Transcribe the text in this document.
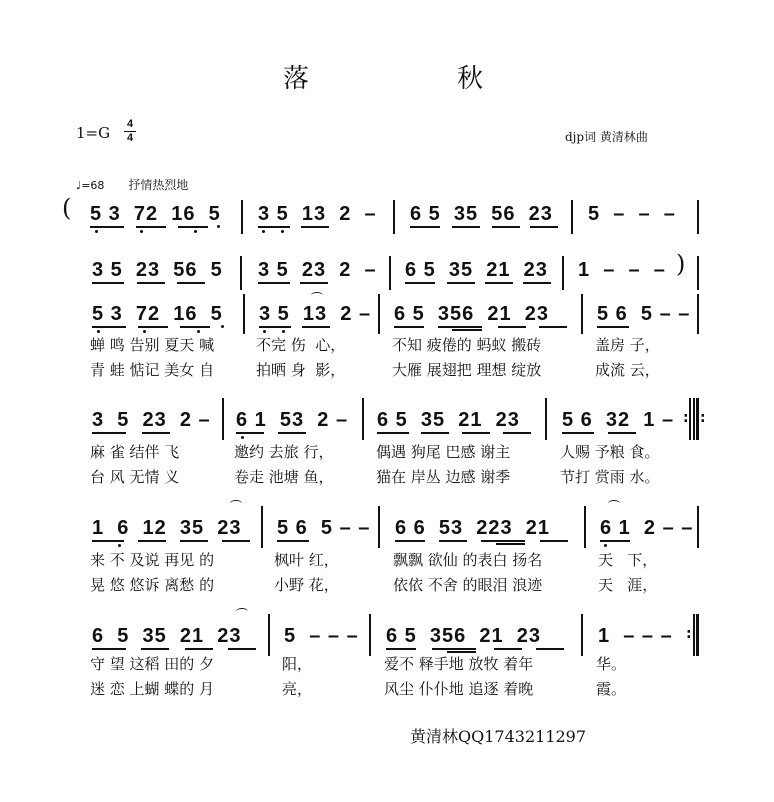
落	秋
1=G 4
4	djp词 黄清林曲
♩=68 抒情热烈地
( 5 3  72  16  5 3 5  13  2  – 6 5  35  56  23 5  –  –  –
3 5  23  56  5 3 5  23  2  – 6 5  35  21  23 1  –  –  – )
5 3  72  16  5 3 5  13  2 – 6 5  356  21  23 5 6  5 – –
蝉 鸣 告别 夏天 喊	不完 伤  心，	不知 疲倦的 蚂蚁 搬砖	盖房 子，
青 蛙 惦记 美女 自	拍晒 身  影，	大雁 展翅把 理想 绽放	成流 云，
3  5  23  2 – 6 1  53  2 – 6 5  35  21  23 5 6  32  1 – : :
麻 雀 结伴 飞	邀约 去旅 行，	偶遇 狗尾 巴感 谢主	人赐 予粮 食。
台 风 无情 义	卷走 池塘 鱼，	猫在 岸丛 边感 谢季	节打 赏雨 水。
1  6  12  35  23 5 6  5 – – 6 6  53  223  21 6 1  2 – –
来 不 及说 再见 的	枫叶 红，	飘飘 欲仙 的表白 扬名	天   下，
晃 悠 悠诉 离愁 的	小野 花，	依依 不舍 的眼泪 浪迹	天   涯，
6  5  35  21  23 5  – – – 6 5  356  21  23	1  – – – :
守 望 这稻 田的 夕	阳，	爱不 释手地 放牧 着年	华。
迷 恋 上蝴 蝶的 月	亮，	风尘 仆仆地 追逐 着晚	霞。
黄清林QQ1743211297
